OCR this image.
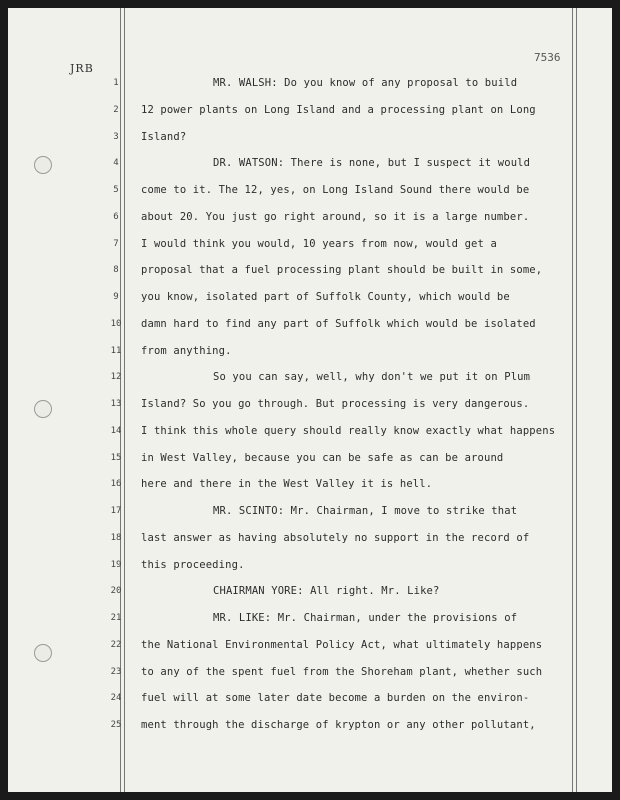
JRB
7536
1	MR. WALSH: Do you know of any proposal to build
2	12 power plants on Long Island and a processing plant on Long
3	Island?
4	DR. WATSON: There is none, but I suspect it would
5	come to it. The 12, yes, on Long Island Sound there would be
6	about 20. You just go right around, so it is a large number.
7	I would think you would, 10 years from now, would get a
8	proposal that a fuel processing plant should be built in some,
9	you know, isolated part of Suffolk County, which would be
10	damn hard to find any part of Suffolk which would be isolated
11	from anything.
12	So you can say, well, why don't we put it on Plum
13	Island? So you go through. But processing is very dangerous.
14	I think this whole query should really know exactly what happens
15	in West Valley, because you can be safe as can be around
16	here and there in the West Valley it is hell.
17	MR. SCINTO: Mr. Chairman, I move to strike that
18	last answer as having absolutely no support in the record of
19	this proceeding.
20	CHAIRMAN YORE: All right. Mr. Like?
21	MR. LIKE: Mr. Chairman, under the provisions of
22	the National Environmental Policy Act, what ultimately happens
23	to any of the spent fuel from the Shoreham plant, whether such
24	fuel will at some later date become a burden on the environ-
25	ment through the discharge of krypton or any other pollutant,
